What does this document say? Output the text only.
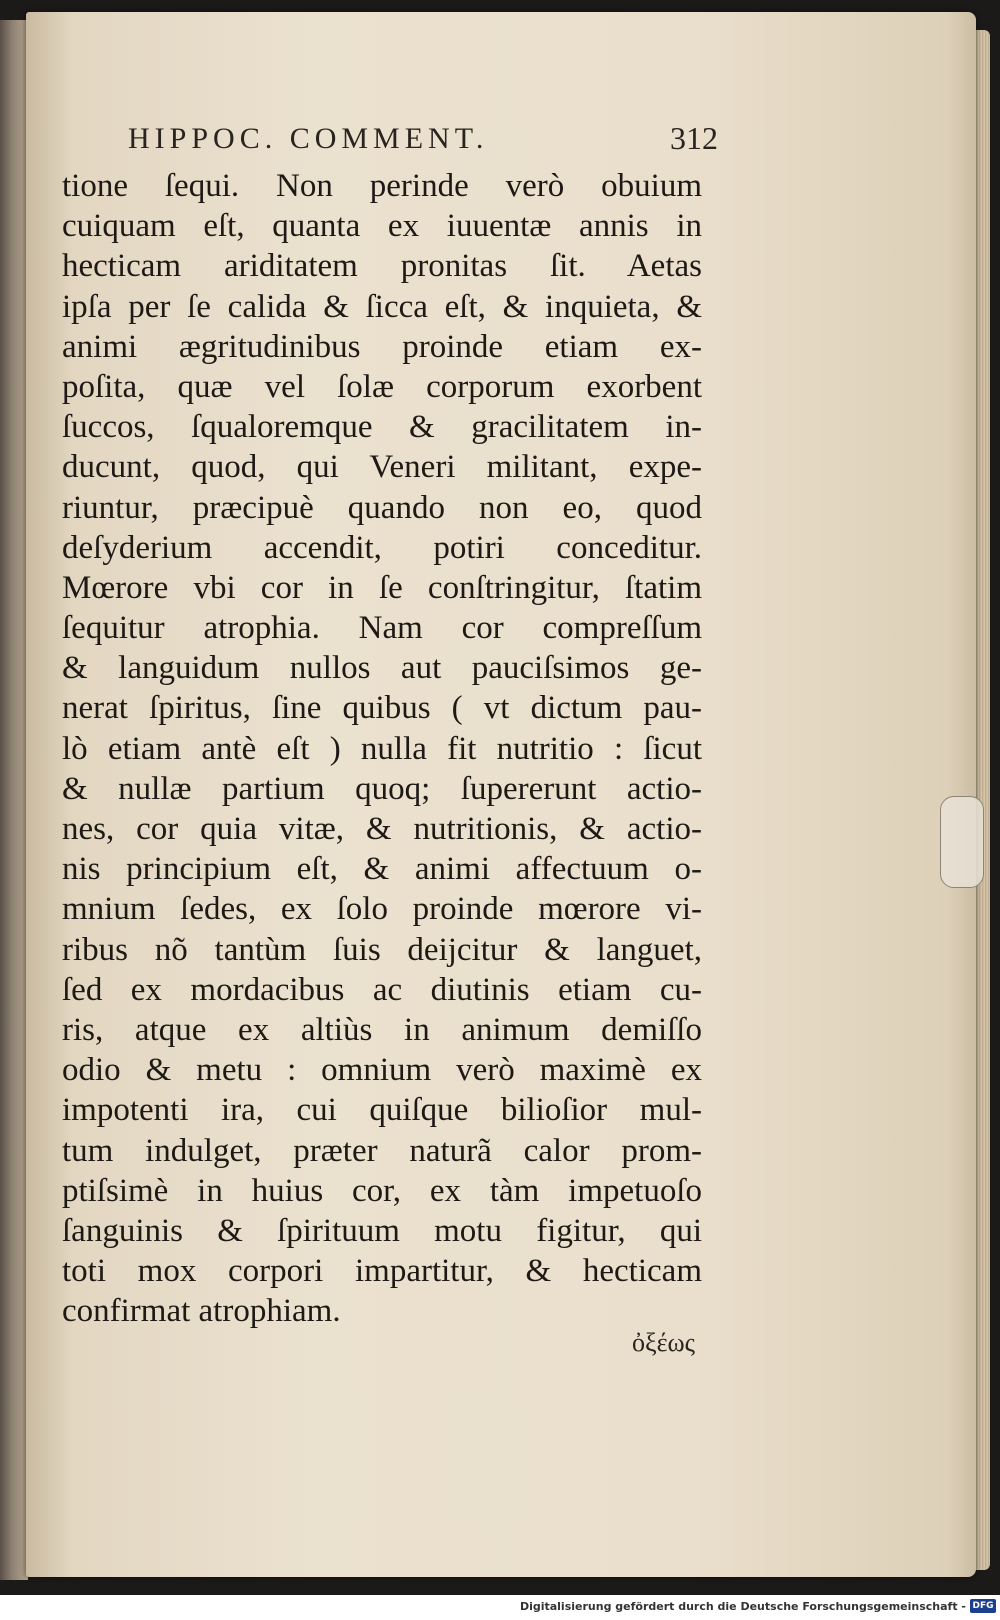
HIPPOC. COMMENT.	312
tione ſequi. Non perinde verò obuium
cuiquam eſt, quanta ex iuuentæ annis in
hecticam ariditatem pronitas ſit. Aetas
ipſa per ſe calida & ſicca eſt, & inquieta, &
animi ægritudinibus proinde etiam ex-
poſita, quæ vel ſolæ corporum exorbent
ſuccos, ſqualoremque & gracilitatem in-
ducunt, quod, qui Veneri militant, expe-
riuntur, præcipuè quando non eo, quod
deſyderium accendit, potiri conceditur.
Mœrore vbi cor in ſe conſtringitur, ſtatim
ſequitur atrophia. Nam cor compreſſum
& languidum nullos aut pauciſsimos ge-
nerat ſpiritus, ſine quibus ( vt dictum pau-
lò etiam antè eſt ) nulla fit nutritio : ſicut
& nullæ partium quoq; ſupererunt actio-
nes, cor quia vitæ, & nutritionis, & actio-
nis principium eſt, & animi affectuum o-
mnium ſedes, ex ſolo proinde mœrore vi-
ribus nõ tantùm ſuis deijcitur & languet,
ſed ex mordacibus ac diutinis etiam cu-
ris, atque ex altiùs in animum demiſſo
odio & metu : omnium verò maximè ex
impotenti ira, cui quiſque bilioſior mul-
tum indulget, præter naturã calor prom-
ptiſsimè in huius cor, ex tàm impetuoſo
ſanguinis & ſpirituum motu figitur, qui
toti mox corpori impartitur, & hecticam
confirmat atrophiam.
ὀξέως
Digitalisierung gefördert durch die Deutsche Forschungsgemeinschaft - DFG
